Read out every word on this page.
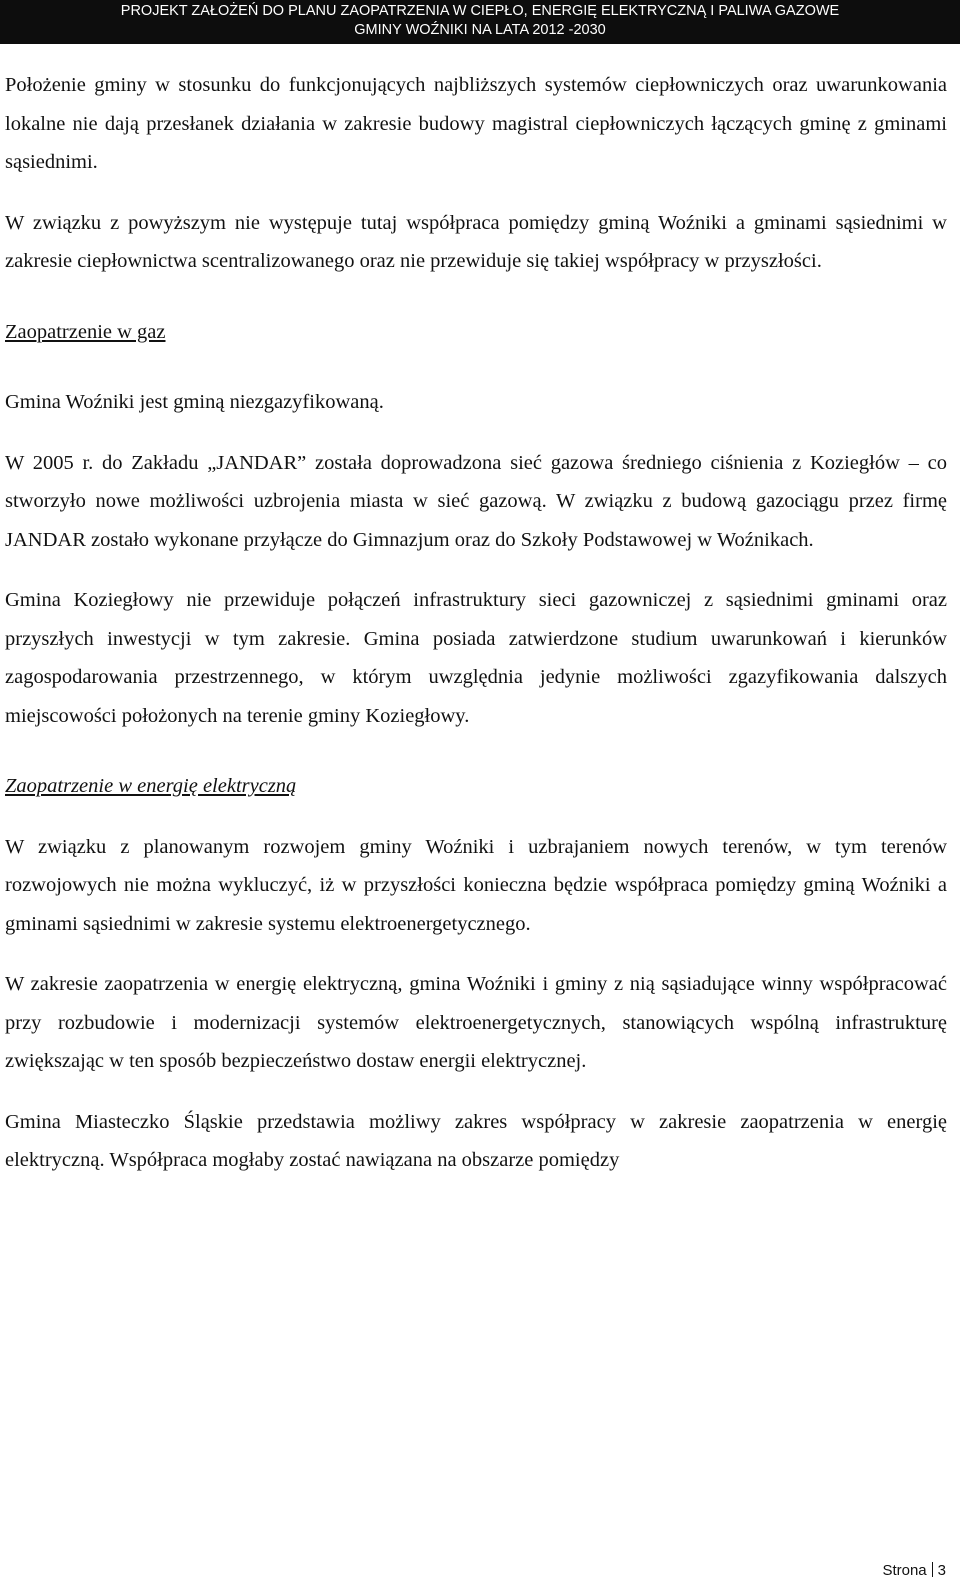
PROJEKT ZAŁOŻEŃ DO PLANU ZAOPATRZENIA W CIEPŁO, ENERGIĘ ELEKTRYCZNĄ I PALIWA GAZOWE
GMINY WOŹNIKI NA LATA 2012 -2030

Położenie gminy w stosunku do funkcjonujących najbliższych systemów ciepłowniczych oraz uwarunkowania lokalne nie dają przesłanek działania w zakresie budowy magistral ciepłowniczych łączących gminę z gminami sąsiednimi.

W związku z powyższym nie występuje tutaj współpraca pomiędzy gminą Woźniki a gminami sąsiednimi w zakresie ciepłownictwa scentralizowanego oraz nie przewiduje się takiej współpracy w przyszłości.

Zaopatrzenie w gaz

Gmina Woźniki jest gminą niezgazyfikowaną.

W 2005 r. do Zakładu „JANDAR” została doprowadzona sieć gazowa średniego ciśnienia z Koziegłów – co stworzyło nowe możliwości uzbrojenia miasta w sieć gazową. W związku z budową gazociągu przez firmę JANDAR zostało wykonane przyłącze do Gimnazjum oraz do Szkoły Podstawowej w Woźnikach.

Gmina Koziegłowy nie przewiduje połączeń infrastruktury sieci gazowniczej z sąsiednimi gminami oraz przyszłych inwestycji w tym zakresie. Gmina posiada zatwierdzone studium uwarunkowań i kierunków zagospodarowania przestrzennego, w którym uwzględnia jedynie możliwości zgazyfikowania dalszych miejscowości położonych na terenie gminy Koziegłowy.

Zaopatrzenie w energię elektryczną

W związku z planowanym rozwojem gminy Woźniki i uzbrajaniem nowych terenów, w tym terenów rozwojowych nie można wykluczyć, iż w przyszłości konieczna będzie współpraca pomiędzy gminą Woźniki a gminami sąsiednimi w zakresie systemu elektroenergetycznego.

W zakresie zaopatrzenia w energię elektryczną, gmina Woźniki i gminy z nią sąsiadujące winny współpracować przy rozbudowie i modernizacji systemów elektroenergetycznych, stanowiących wspólną infrastrukturę zwiększając w ten sposób bezpieczeństwo dostaw energii elektrycznej.

Gmina Miasteczko Śląskie przedstawia możliwy zakres współpracy w zakresie zaopatrzenia w energię elektryczną. Współpraca mogłaby zostać nawiązana na obszarze pomiędzy

Strona 3
